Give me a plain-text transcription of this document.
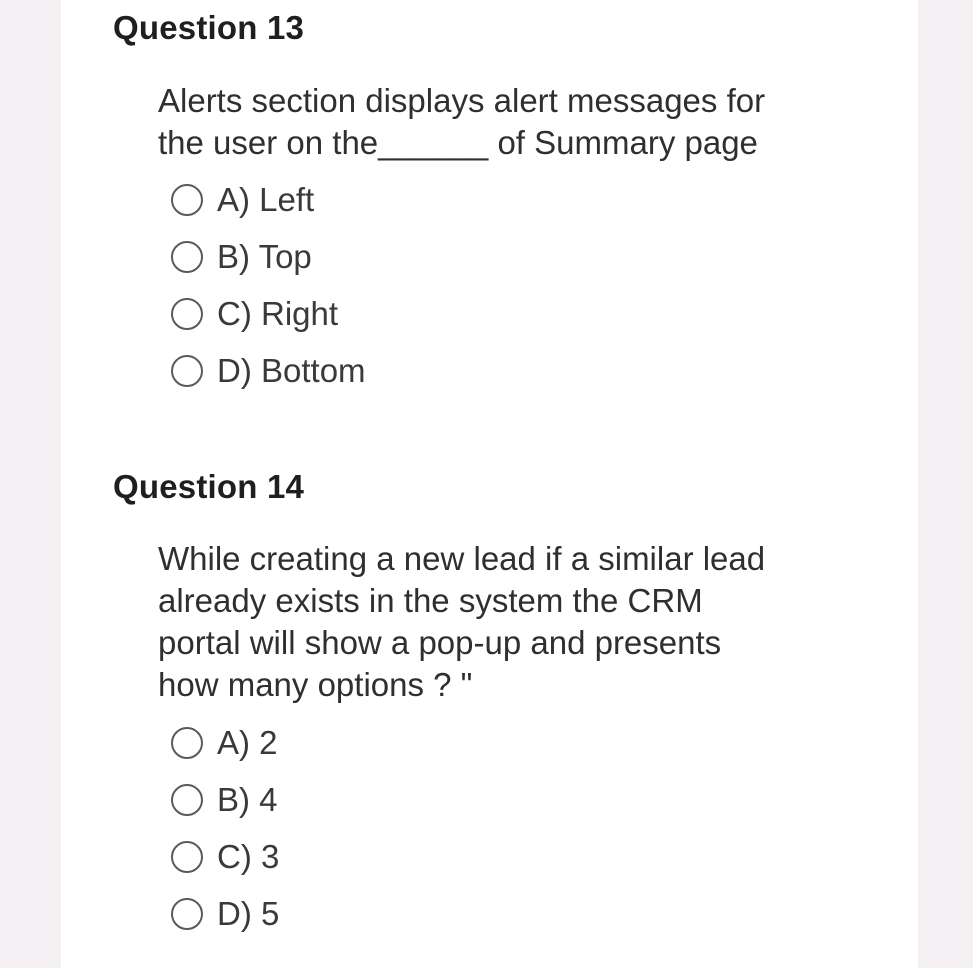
Question 13
Alerts section displays alert messages for
the user on the______ of Summary page
A) Left
B) Top
C) Right
D) Bottom
Question 14
While creating a new lead if a similar lead
already exists in the system the CRM
portal will show a pop-up and presents
how many options ? "
A) 2
B) 4
C) 3
D) 5
